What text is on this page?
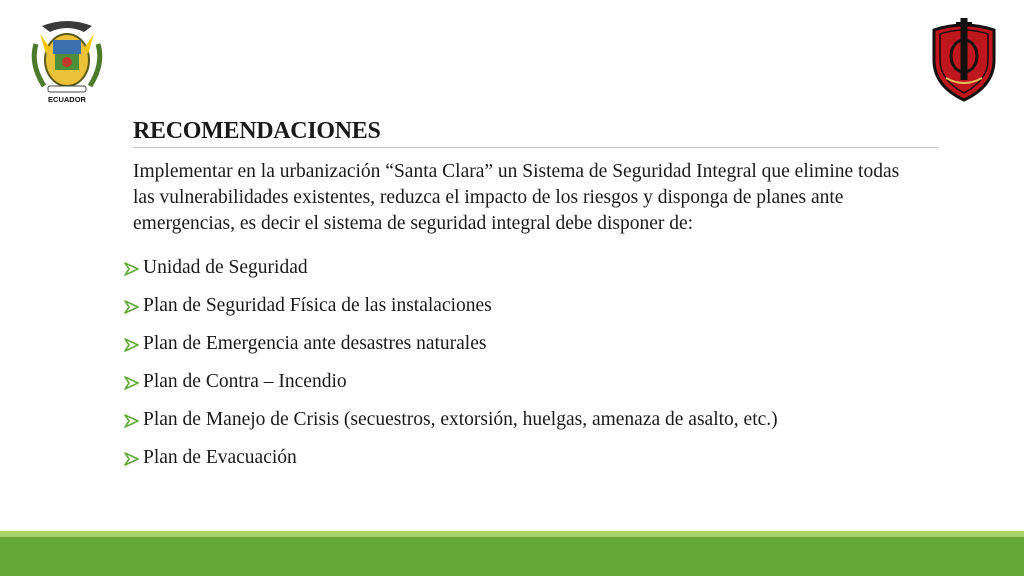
ECUADOR
RECOMENDACIONES
Implementar en la urbanización “Santa Clara” un Sistema de Seguridad Integral que elimine todas las vulnerabilidades existentes, reduzca el impacto de los riesgos y disponga de planes ante emergencias, es decir el sistema de seguridad integral debe disponer de:
Unidad de Seguridad
Plan de Seguridad Física de las instalaciones
Plan de Emergencia ante desastres naturales
Plan de Contra – Incendio
Plan de Manejo de Crisis (secuestros, extorsión, huelgas, amenaza de asalto, etc.)
Plan de Evacuación
